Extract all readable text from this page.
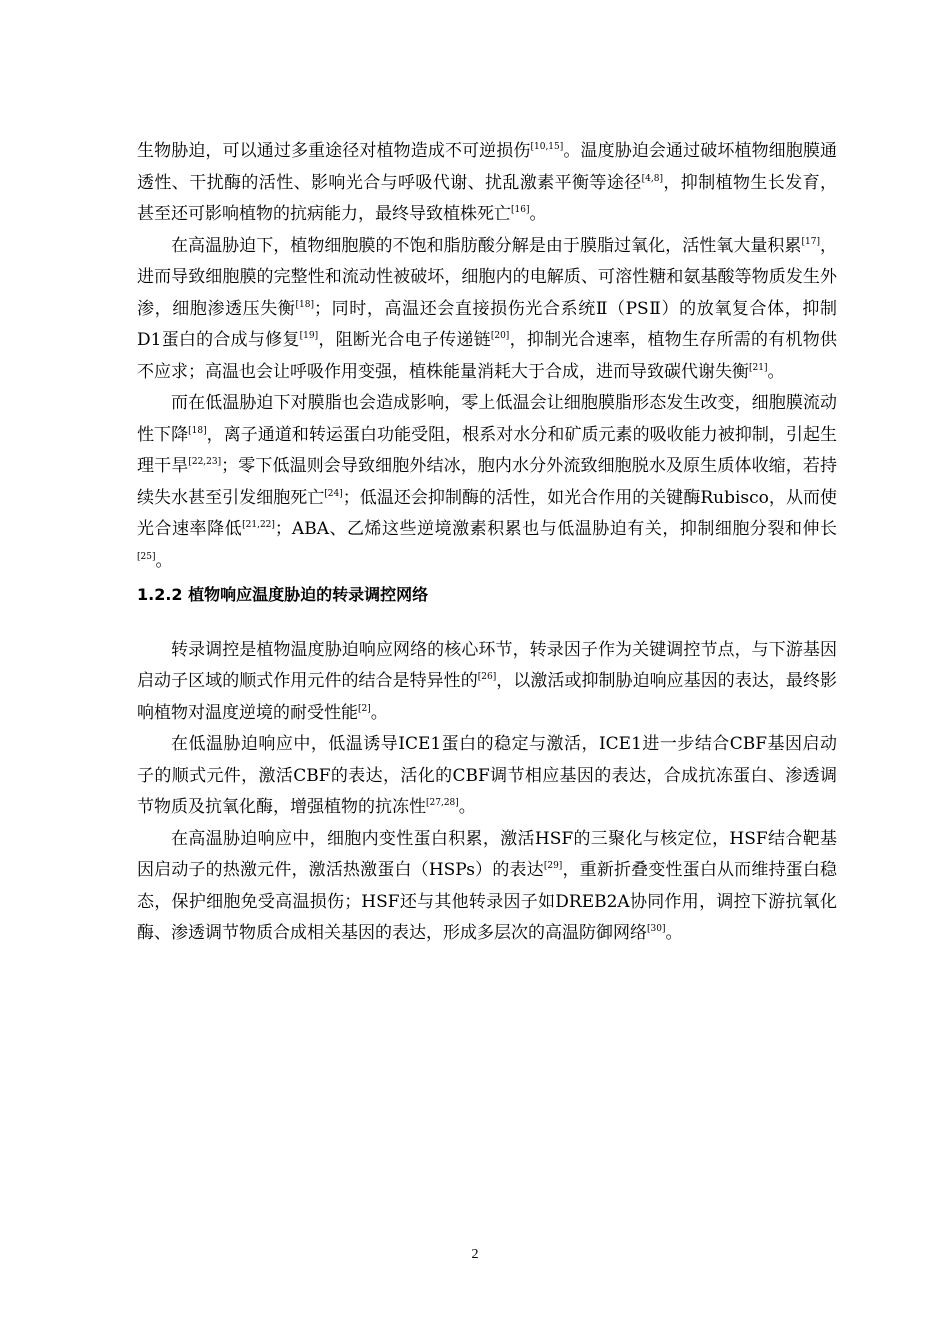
生物胁迫，可以通过多重途径对植物造成不可逆损伤[10,15]。温度胁迫会通过破坏植物细胞膜通透性、干扰酶的活性、影响光合与呼吸代谢、扰乱激素平衡等途径[4,8]，抑制植物生长发育，甚至还可影响植物的抗病能力，最终导致植株死亡[16]。

在高温胁迫下，植物细胞膜的不饱和脂肪酸分解是由于膜脂过氧化，活性氧大量积累[17]，进而导致细胞膜的完整性和流动性被破坏，细胞内的电解质、可溶性糖和氨基酸等物质发生外渗，细胞渗透压失衡[18]；同时，高温还会直接损伤光合系统Ⅱ（PSⅡ）的放氧复合体，抑制D1蛋白的合成与修复[19]，阻断光合电子传递链[20]，抑制光合速率，植物生存所需的有机物供不应求；高温也会让呼吸作用变强，植株能量消耗大于合成，进而导致碳代谢失衡[21]。

而在低温胁迫下对膜脂也会造成影响，零上低温会让细胞膜脂形态发生改变，细胞膜流动性下降[18]，离子通道和转运蛋白功能受阻，根系对水分和矿质元素的吸收能力被抑制，引起生理干旱[22,23]；零下低温则会导致细胞外结冰，胞内水分外流致细胞脱水及原生质体收缩，若持续失水甚至引发细胞死亡[24]；低温还会抑制酶的活性，如光合作用的关键酶Rubisco，从而使光合速率降低[21,22]；ABA、乙烯这些逆境激素积累也与低温胁迫有关，抑制细胞分裂和伸长[25]。

1.2.2 植物响应温度胁迫的转录调控网络

转录调控是植物温度胁迫响应网络的核心环节，转录因子作为关键调控节点，与下游基因启动子区域的顺式作用元件的结合是特异性的[26]，以激活或抑制胁迫响应基因的表达，最终影响植物对温度逆境的耐受性能[2]。

在低温胁迫响应中，低温诱导ICE1蛋白的稳定与激活，ICE1进一步结合CBF基因启动子的顺式元件，激活CBF的表达，活化的CBF调节相应基因的表达，合成抗冻蛋白、渗透调节物质及抗氧化酶，增强植物的抗冻性[27,28]。

在高温胁迫响应中，细胞内变性蛋白积累，激活HSF的三聚化与核定位，HSF结合靶基因启动子的热激元件，激活热激蛋白（HSPs）的表达[29]，重新折叠变性蛋白从而维持蛋白稳态，保护细胞免受高温损伤；HSF还与其他转录因子如DREB2A协同作用，调控下游抗氧化酶、渗透调节物质合成相关基因的表达，形成多层次的高温防御网络[30]。

2
